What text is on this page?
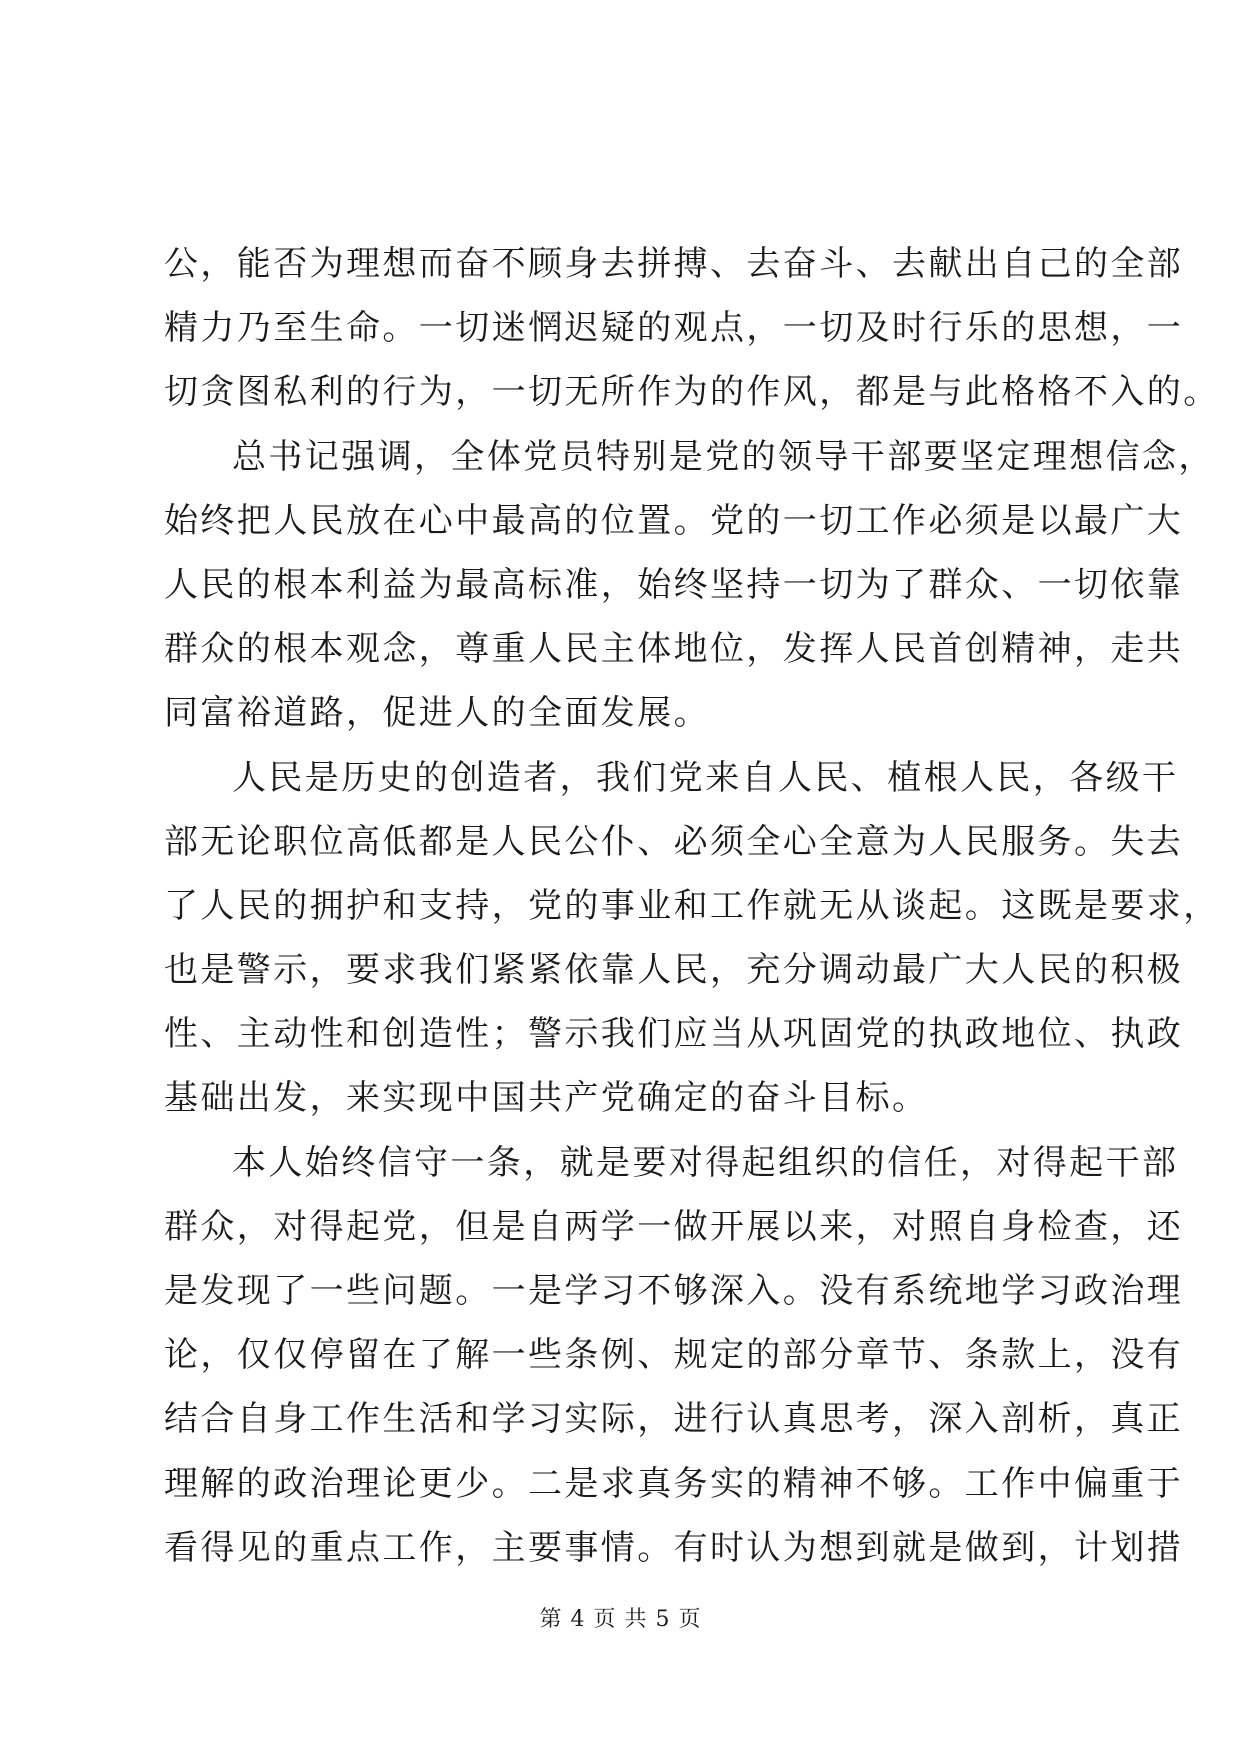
公，能否为理想而奋不顾身去拼搏、去奋斗、去献出自己的全部
精力乃至生命。一切迷惘迟疑的观点，一切及时行乐的思想，一
切贪图私利的行为，一切无所作为的作风，都是与此格格不入的。
总书记强调，全体党员特别是党的领导干部要坚定理想信念，
始终把人民放在心中最高的位置。党的一切工作必须是以最广大
人民的根本利益为最高标准，始终坚持一切为了群众、一切依靠
群众的根本观念，尊重人民主体地位，发挥人民首创精神，走共
同富裕道路，促进人的全面发展。
人民是历史的创造者，我们党来自人民、植根人民，各级干
部无论职位高低都是人民公仆、必须全心全意为人民服务。失去
了人民的拥护和支持，党的事业和工作就无从谈起。这既是要求，
也是警示，要求我们紧紧依靠人民，充分调动最广大人民的积极
性、主动性和创造性；警示我们应当从巩固党的执政地位、执政
基础出发，来实现中国共产党确定的奋斗目标。
本人始终信守一条，就是要对得起组织的信任，对得起干部
群众，对得起党，但是自两学一做开展以来，对照自身检查，还
是发现了一些问题。一是学习不够深入。没有系统地学习政治理
论，仅仅停留在了解一些条例、规定的部分章节、条款上，没有
结合自身工作生活和学习实际，进行认真思考，深入剖析，真正
理解的政治理论更少。二是求真务实的精神不够。工作中偏重于
看得见的重点工作，主要事情。有时认为想到就是做到，计划措
第 4 页 共 5 页
